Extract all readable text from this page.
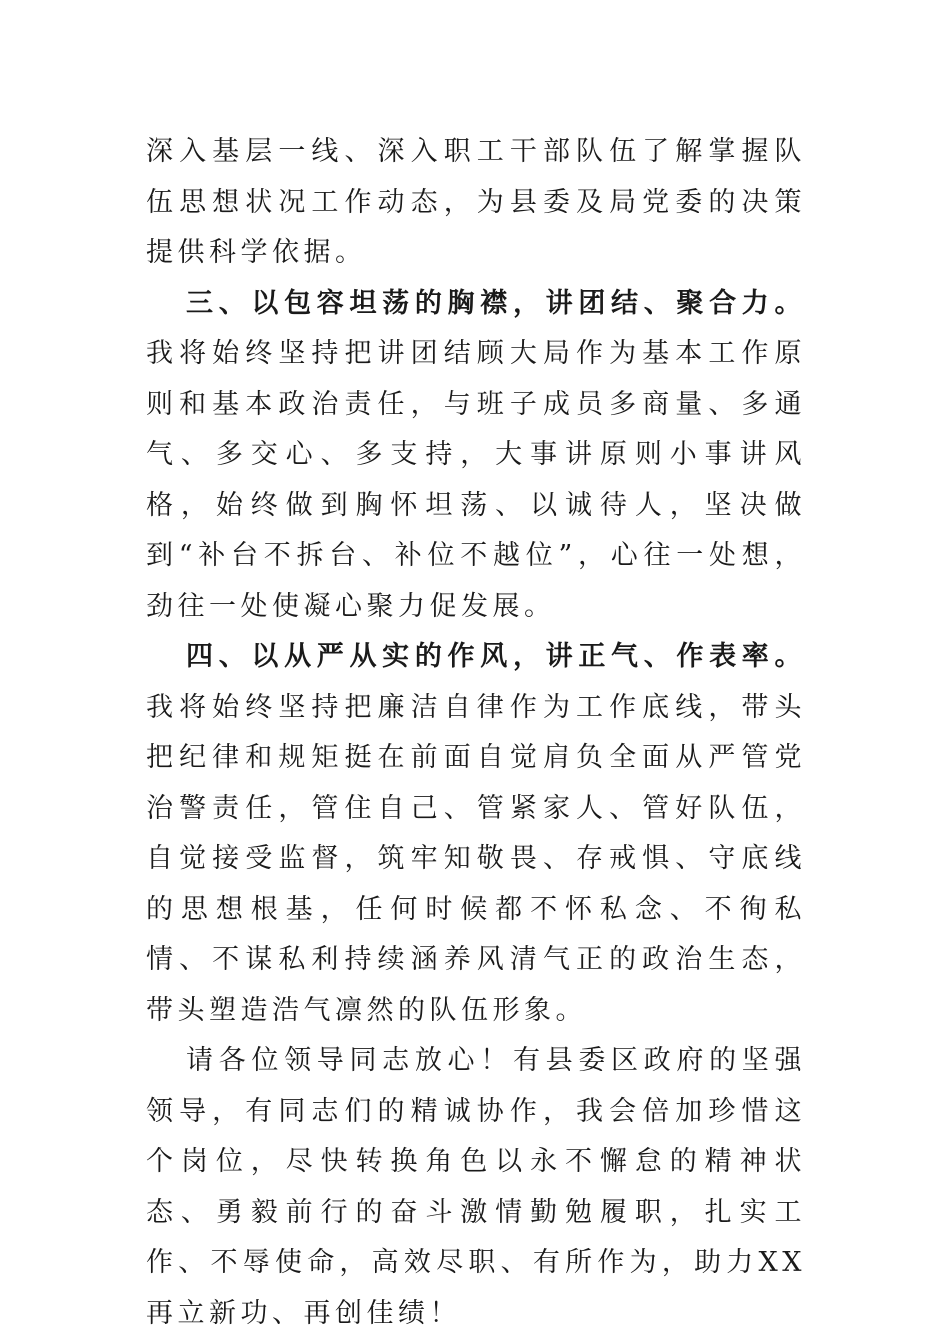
深入基层一线、深入职工干部队伍了解掌握队伍思想状况工作动态，为县委及局党委的决策提供科学依据。

三、以包容坦荡的胸襟，讲团结、聚合力。我将始终坚持把讲团结顾大局作为基本工作原则和基本政治责任，与班子成员多商量、多通气、多交心、多支持，大事讲原则小事讲风格，始终做到胸怀坦荡、以诚待人，坚决做到“补台不拆台、补位不越位”，心往一处想，劲往一处使凝心聚力促发展。

四、以从严从实的作风，讲正气、作表率。我将始终坚持把廉洁自律作为工作底线，带头把纪律和规矩挺在前面自觉肩负全面从严管党治警责任，管住自己、管紧家人、管好队伍，自觉接受监督，筑牢知敬畏、存戒惧、守底线的思想根基，任何时候都不怀私念、不徇私情、不谋私利持续涵养风清气正的政治生态，带头塑造浩气凛然的队伍形象。

请各位领导同志放心！有县委区政府的坚强领导，有同志们的精诚协作，我会倍加珍惜这个岗位，尽快转换角色以永不懈怠的精神状态、勇毅前行的奋斗激情勤勉履职，扎实工作、不辱使命，高效尽职、有所作为，助力XX再立新功、再创佳绩！
